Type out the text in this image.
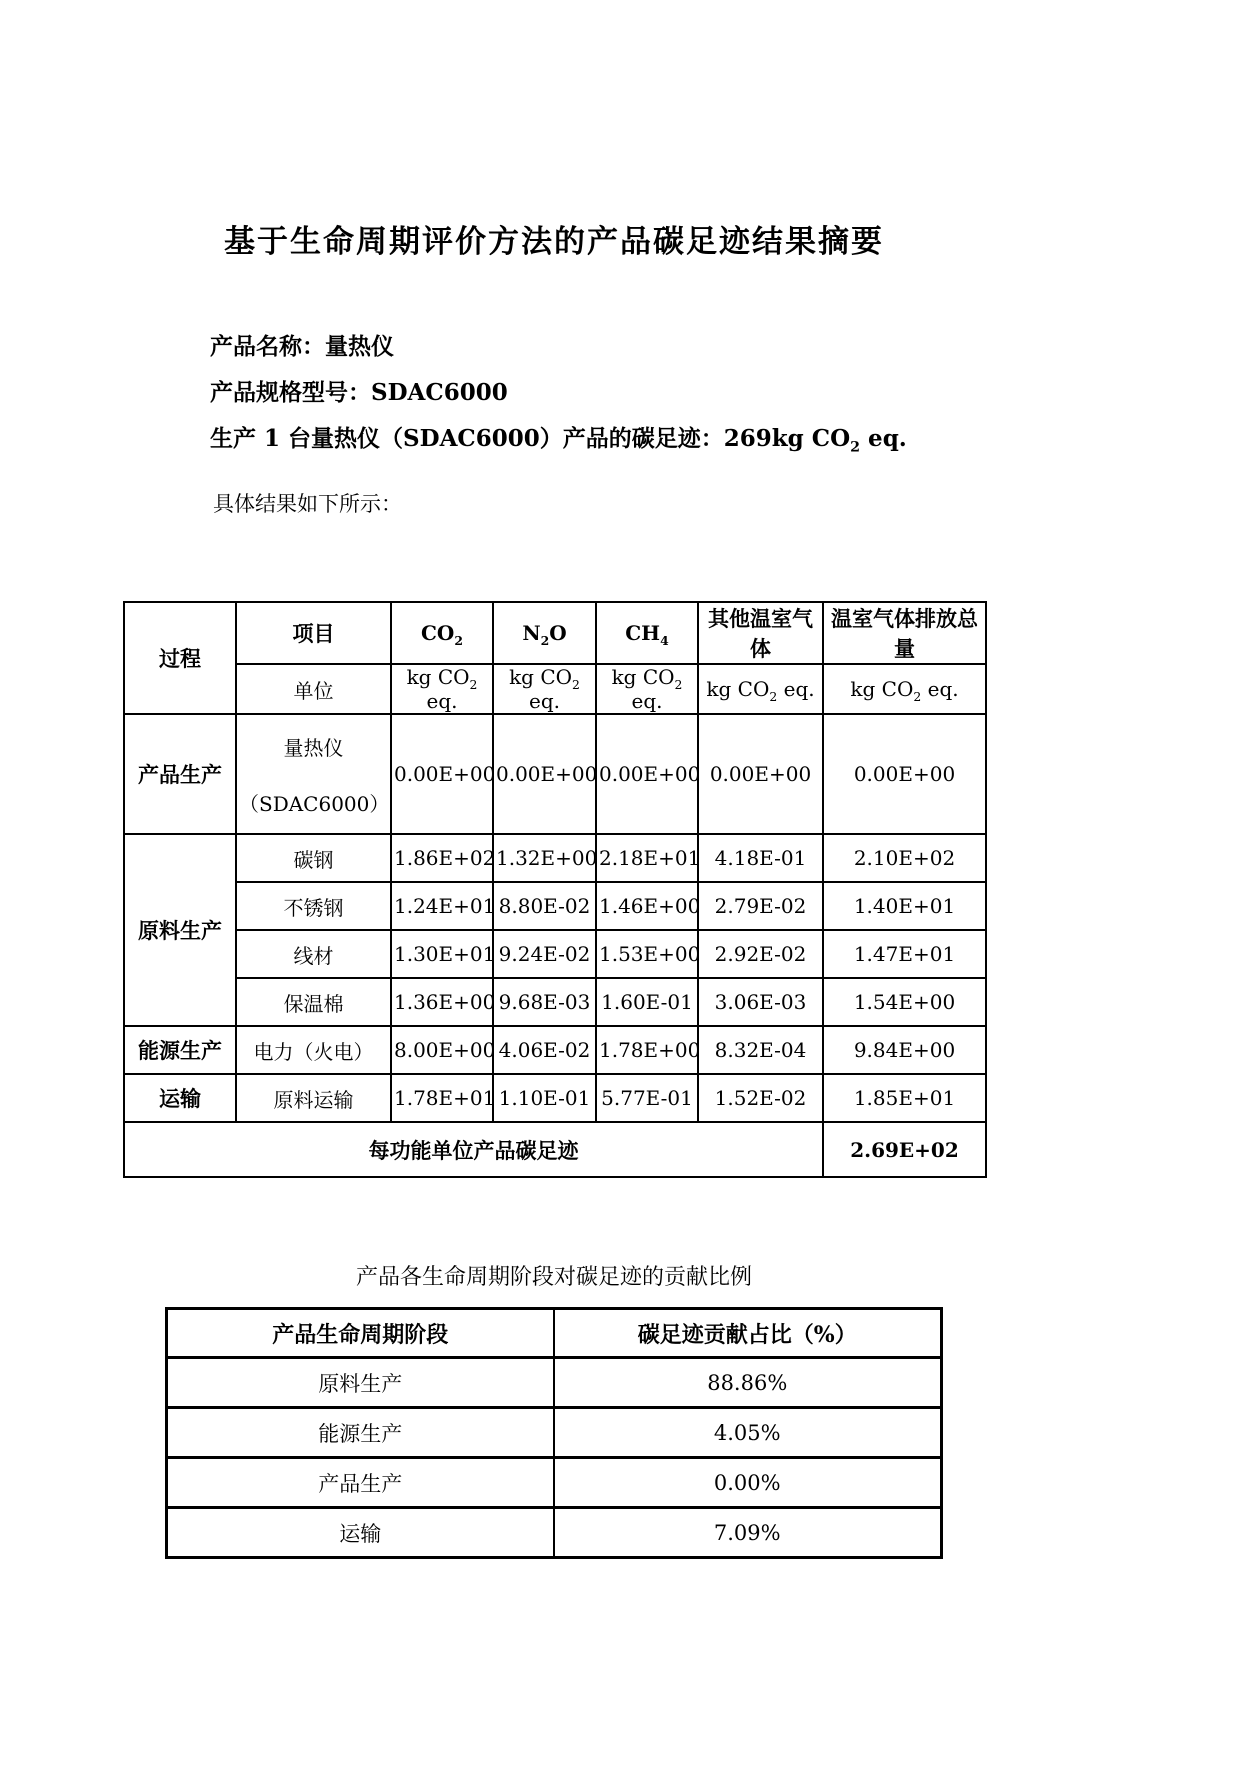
基于生命周期评价方法的产品碳足迹结果摘要

产品名称：量热仪

产品规格型号：SDAC6000

生产 1 台量热仪（SDAC6000）产品的碳足迹：269kg $CO_2$ eq.

具体结果如下所示：

过程	项目	$CO_2$	$N_2O$	$CH_4$	其他温室气体	温室气体排放总量
	单位	kg $CO_2$ eq.	kg $CO_2$ eq.	kg $CO_2$ eq.	kg $CO_2$ eq.	kg $CO_2$ eq.
产品生产	量热仪
（SDAC6000）	0.00E+00	0.00E+00	0.00E+00	0.00E+00	0.00E+00
原料生产	碳钢	1.86E+02	1.32E+00	2.18E+01	4.18E-01	2.10E+02
	不锈钢	1.24E+01	8.80E-02	1.46E+00	2.79E-02	1.40E+01
	线材	1.30E+01	9.24E-02	1.53E+00	2.92E-02	1.47E+01
	保温棉	1.36E+00	9.68E-03	1.60E-01	3.06E-03	1.54E+00
能源生产	电力（火电）	8.00E+00	4.06E-02	1.78E+00	8.32E-04	9.84E+00
运输	原料运输	1.78E+01	1.10E-01	5.77E-01	1.52E-02	1.85E+01
每功能单位产品碳足迹						2.69E+02
产品各生命周期阶段对碳足迹的贡献比例
产品生命周期阶段	碳足迹贡献占比（%）
原料生产	88.86%
能源生产	4.05%
产品生产	0.00%
运输	7.09%
